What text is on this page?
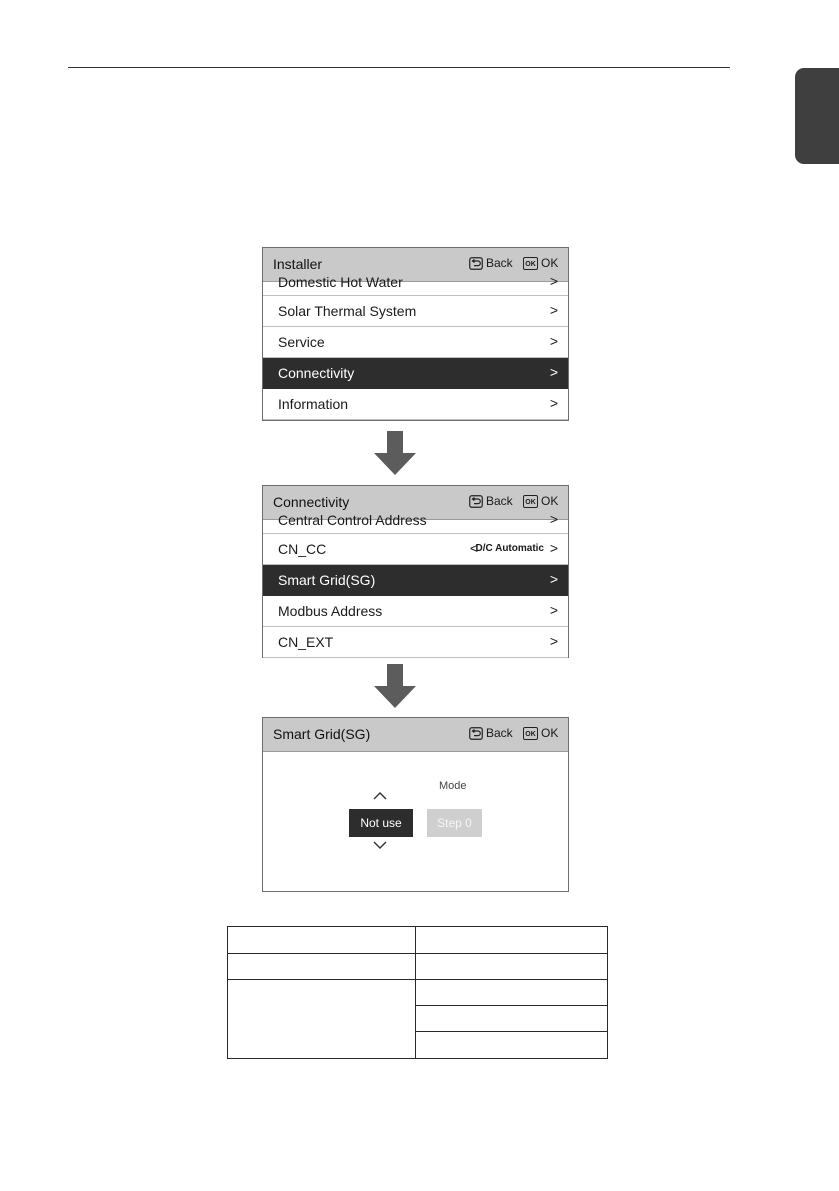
Installer	Back	OK OK
Domestic Hot Water	>
Solar Thermal System	>
Service	>
Connectivity	>
Information	>
Connectivity	Back	OK OK
Central Control Address	>
CN_CC	<
D/C Automatic >
Smart Grid(SG)	>
Modbus Address	>
CN_EXT	>
Smart Grid(SG)	Back	OK OK
Mode
Not use	Step 0
